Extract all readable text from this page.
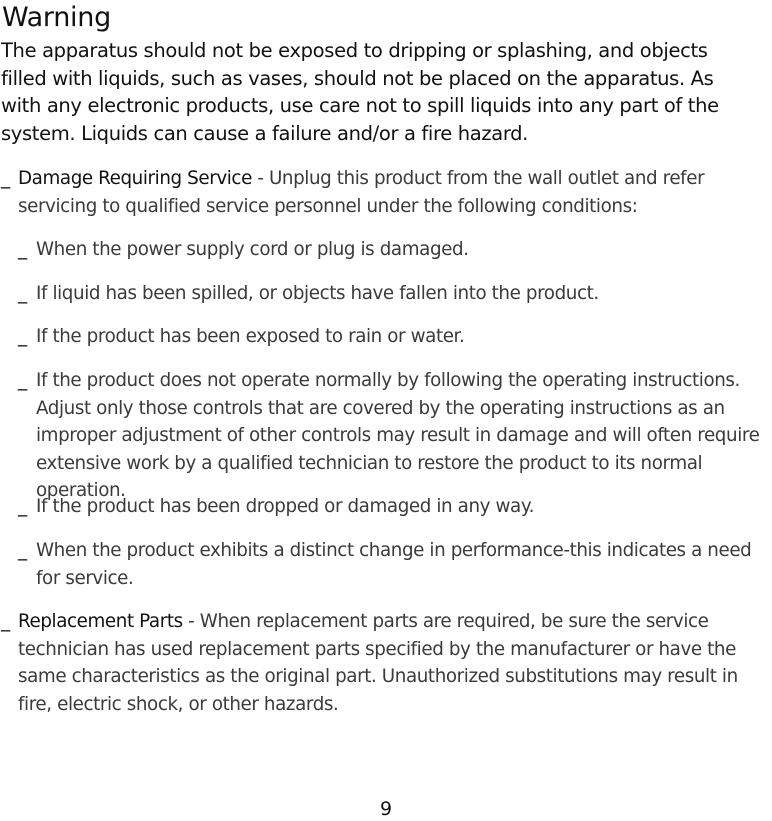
Warning

The apparatus should not be exposed to dripping or splashing, and objects filled with liquids, such as vases, should not be placed on the apparatus. As with any electronic products, use care not to spill liquids into any part of the system. Liquids can cause a failure and/or a fire hazard.

_ Damage Requiring Service - Unplug this product from the wall outlet and refer servicing to qualified service personnel under the following conditions:

_ When the power supply cord or plug is damaged.

_ If liquid has been spilled, or objects have fallen into the product.

_ If the product has been exposed to rain or water.

_ If the product does not operate normally by following the operating instructions. Adjust only those controls that are covered by the operating instructions as an improper adjustment of other controls may result in damage and will often require extensive work by a qualified technician to restore the product to its normal operation.

_ If the product has been dropped or damaged in any way.

_ When the product exhibits a distinct change in performance-this indicates a need for service.

_ Replacement Parts - When replacement parts are required, be sure the service technician has used replacement parts specified by the manufacturer or have the same characteristics as the original part. Unauthorized substitutions may result in fire, electric shock, or other hazards.

9
